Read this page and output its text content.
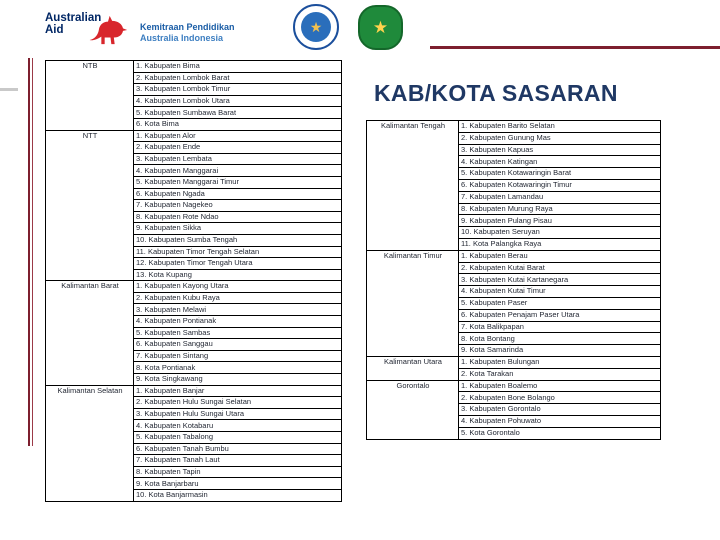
Australian
Aid	Kemitraan Pendidikan
Australia Indonesia
★	★
KAB/KOTA SASARAN
NTB	1. Kabupaten Bima
	2. Kabupaten Lombok Barat
	3. Kabupaten Lombok Timur
	4. Kabupaten Lombok Utara
	5. Kabupaten Sumbawa Barat
	6. Kota Bima
NTT	1. Kabupaten Alor
	2. Kabupaten Ende
	3. Kabupaten Lembata
	4. Kabupaten Manggarai
	5. Kabupaten Manggarai Timur
	6. Kabupaten Ngada
	7. Kabupaten Nagekeo
	8. Kabupaten Rote Ndao
	9. Kabupaten Sikka
	10. Kabupaten Sumba Tengah
	11. Kabupaten Timor Tengah Selatan
	12. Kabupaten Timor Tengah Utara
	13. Kota Kupang
Kalimantan Barat	1. Kabupaten Kayong Utara
	2. Kabupaten Kubu Raya
	3. Kabupaten Melawi
	4. Kabupaten Pontianak
	5. Kabupaten Sambas
	6. Kabupaten Sanggau
	7. Kabupaten Sintang
	8. Kota Pontianak
	9. Kota Singkawang
Kalimantan Selatan	1. Kabupaten Banjar
	2. Kabupaten Hulu Sungai Selatan
	3. Kabupaten Hulu Sungai Utara
	4. Kabupaten Kotabaru
	5. Kabupaten Tabalong
	6. Kabupaten Tanah Bumbu
	7. Kabupaten Tanah Laut
	8. Kabupaten Tapin
	9. Kota Banjarbaru
	10. Kota Banjarmasin
Kalimantan Tengah	1. Kabupaten Barito Selatan
	2. Kabupaten Gunung Mas
	3. Kabupaten Kapuas
	4. Kabupaten Katingan
	5. Kabupaten Kotawaringin Barat
	6. Kabupaten Kotawaringin Timur
	7. Kabupaten Lamandau
	8. Kabupaten Murung Raya
	9. Kabupaten Pulang Pisau
	10. Kabupaten Seruyan
	11. Kota Palangka Raya
Kalimantan Timur	1. Kabupaten Berau
	2. Kabupaten Kutai Barat
	3. Kabupaten Kutai Kartanegara
	4. Kabupaten Kutai Timur
	5. Kabupaten Paser
	6. Kabupaten Penajam Paser Utara
	7. Kota Balikpapan
	8. Kota Bontang
	9. Kota Samarinda
Kalimantan Utara	1. Kabupaten Bulungan
	2. Kota Tarakan
Gorontalo	1. Kabupaten Boalemo
	2. Kabupaten Bone Bolango
	3. Kabupaten Gorontalo
	4. Kabupaten Pohuwato
	5. Kota Gorontalo
